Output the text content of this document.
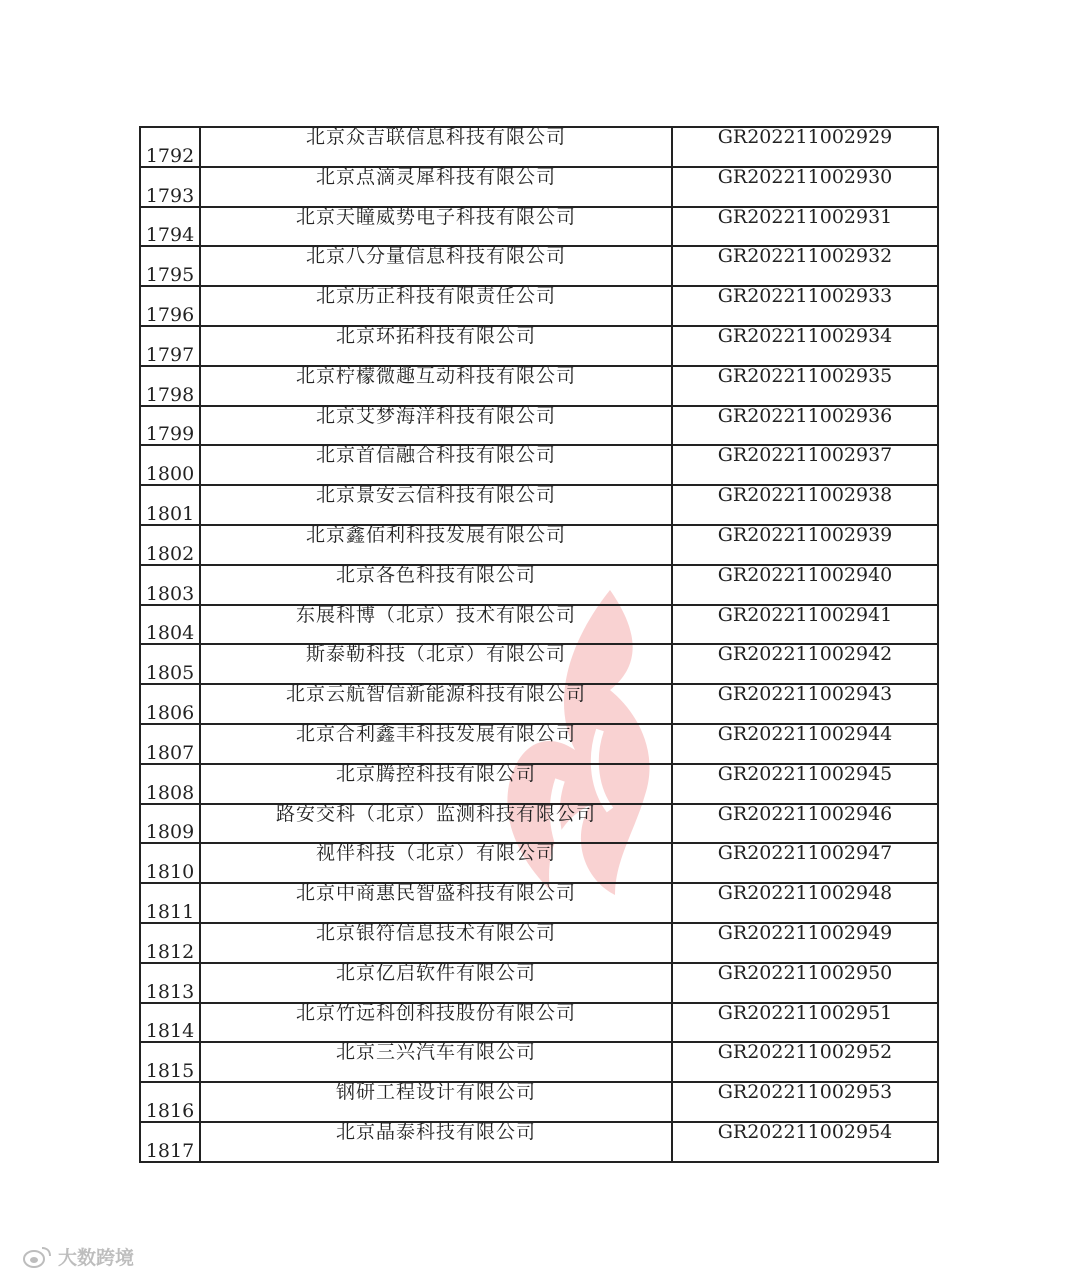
1792	北京众吉联信息科技有限公司	GR202211002929
1793	北京点滴灵犀科技有限公司	GR202211002930
1794	北京天瞳威势电子科技有限公司	GR202211002931
1795	北京八分量信息科技有限公司	GR202211002932
1796	北京历正科技有限责任公司	GR202211002933
1797	北京环拓科技有限公司	GR202211002934
1798	北京柠檬微趣互动科技有限公司	GR202211002935
1799	北京艾梦海洋科技有限公司	GR202211002936
1800	北京首信融合科技有限公司	GR202211002937
1801	北京景安云信科技有限公司	GR202211002938
1802	北京鑫佰利科技发展有限公司	GR202211002939
1803	北京各色科技有限公司	GR202211002940
1804	东展科博（北京）技术有限公司	GR202211002941
1805	斯泰勒科技（北京）有限公司	GR202211002942
1806	北京云航智信新能源科技有限公司	GR202211002943
1807	北京合利鑫丰科技发展有限公司	GR202211002944
1808	北京腾控科技有限公司	GR202211002945
1809	路安交科（北京）监测科技有限公司	GR202211002946
1810	视伴科技（北京）有限公司	GR202211002947
1811	北京中商惠民智盛科技有限公司	GR202211002948
1812	北京银符信息技术有限公司	GR202211002949
1813	北京亿启软件有限公司	GR202211002950
1814	北京竹远科创科技股份有限公司	GR202211002951
1815	北京三兴汽车有限公司	GR202211002952
1816	钢研工程设计有限公司	GR202211002953
1817	北京晶泰科技有限公司	GR202211002954
大数跨境
